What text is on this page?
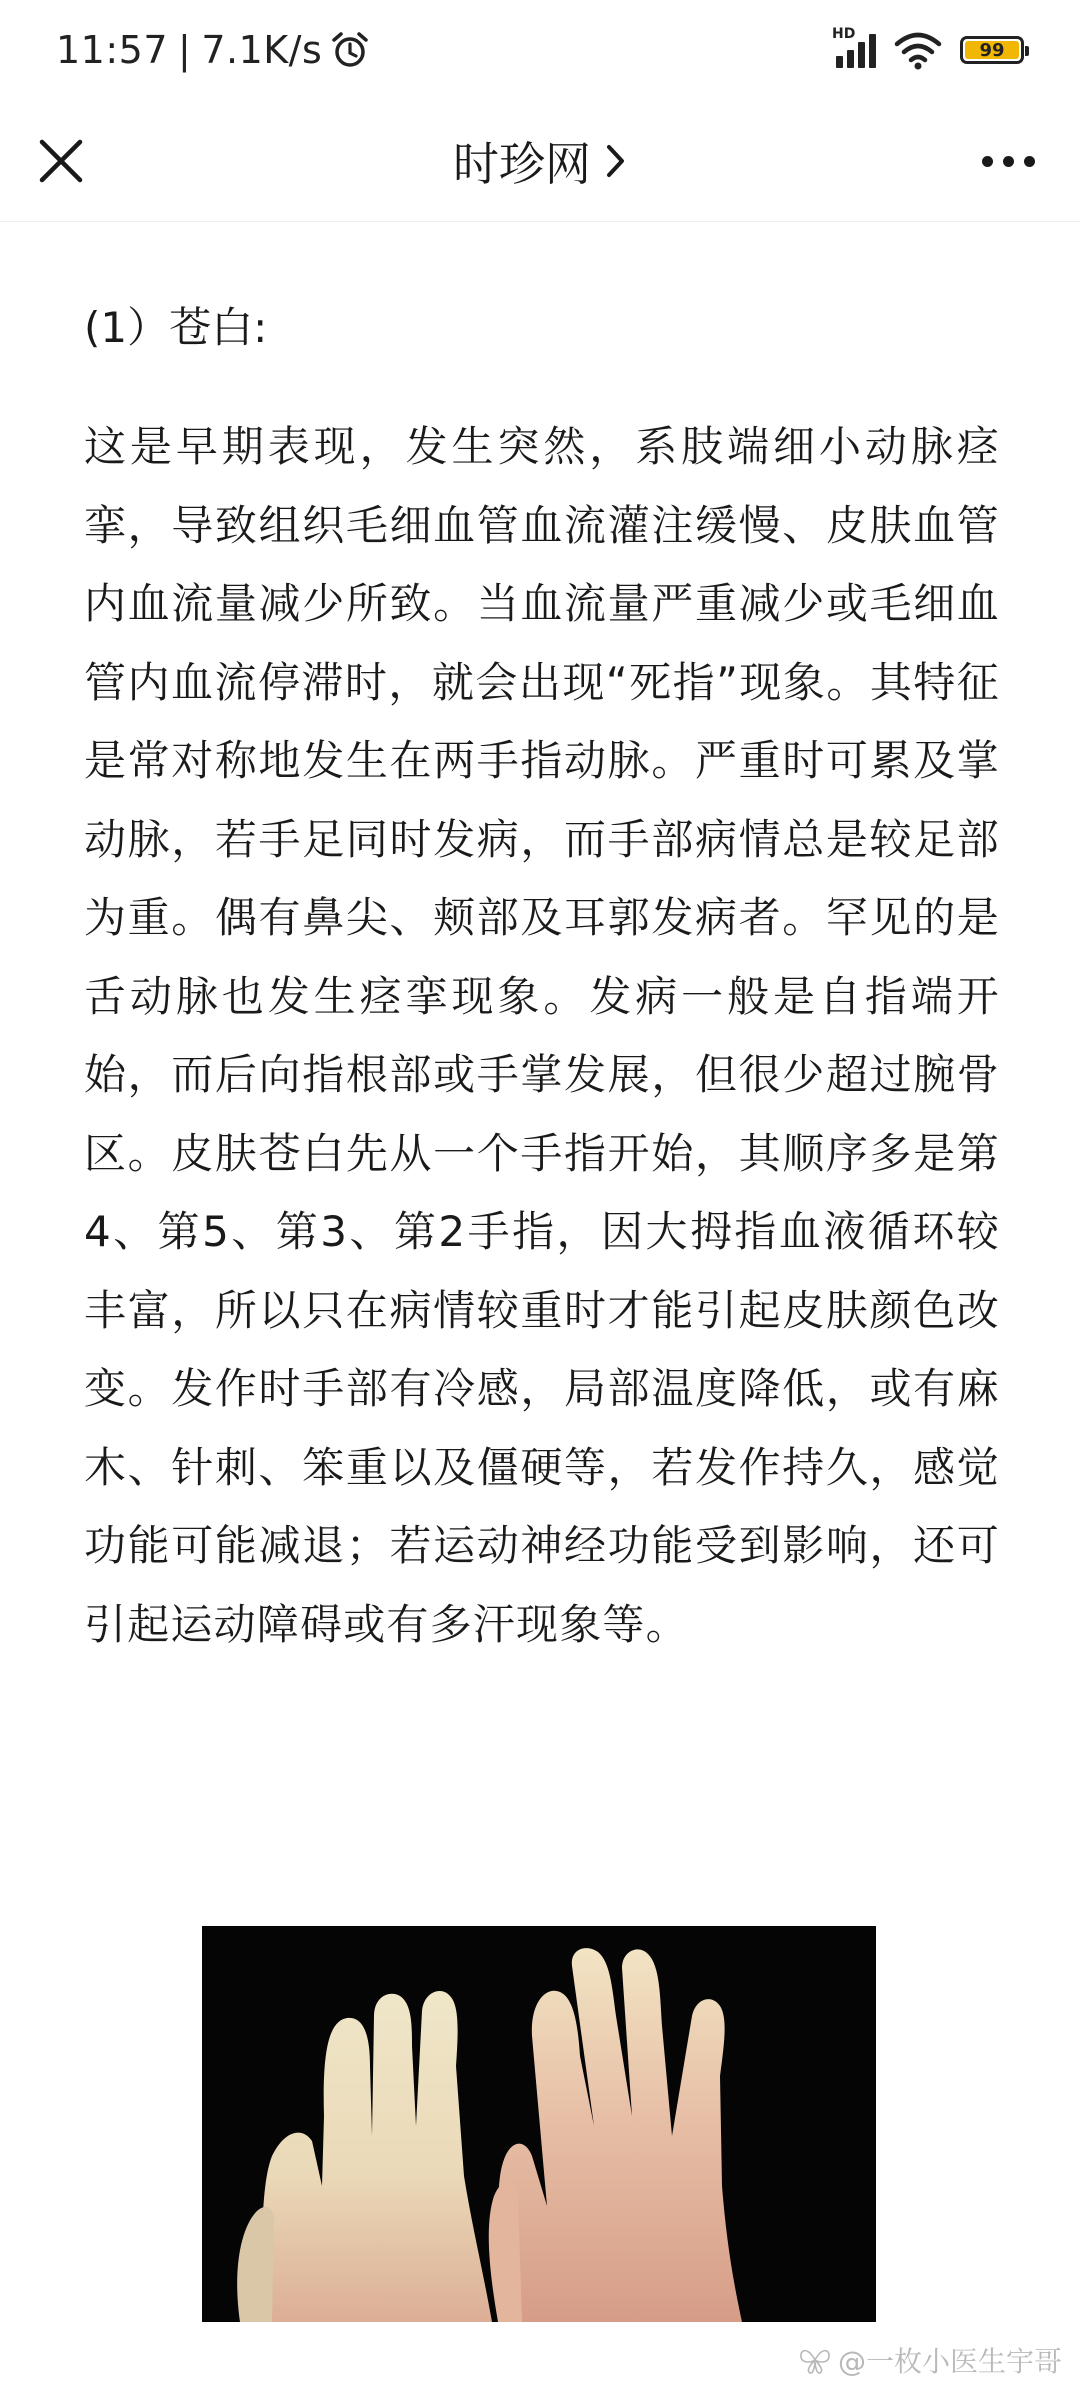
11:57 | 7.1K/s	HD
99
时珍网
(1）苍白:

这是早期表现，发生突然，系肢端细小动脉痉挛，导致组织毛细血管血流灌注缓慢、皮肤血管内血流量减少所致。当血流量严重减少或毛细血管内血流停滞时，就会出现“死指”现象。其特征是常对称地发生在两手指动脉。严重时可累及掌动脉，若手足同时发病，而手部病情总是较足部为重。偶有鼻尖、颊部及耳郭发病者。罕见的是舌动脉也发生痉挛现象。发病一般是自指端开始，而后向指根部或手掌发展，但很少超过腕骨区。皮肤苍白先从一个手指开始，其顺序多是第4、第5、第3、第2手指，因大拇指血液循环较丰富，所以只在病情较重时才能引起皮肤颜色改变。发作时手部有冷感，局部温度降低，或有麻木、针刺、笨重以及僵硬等，若发作持久，感觉功能可能减退；若运动神经功能受到影响，还可引起运动障碍或有多汗现象等。

@一枚小医生宇哥
